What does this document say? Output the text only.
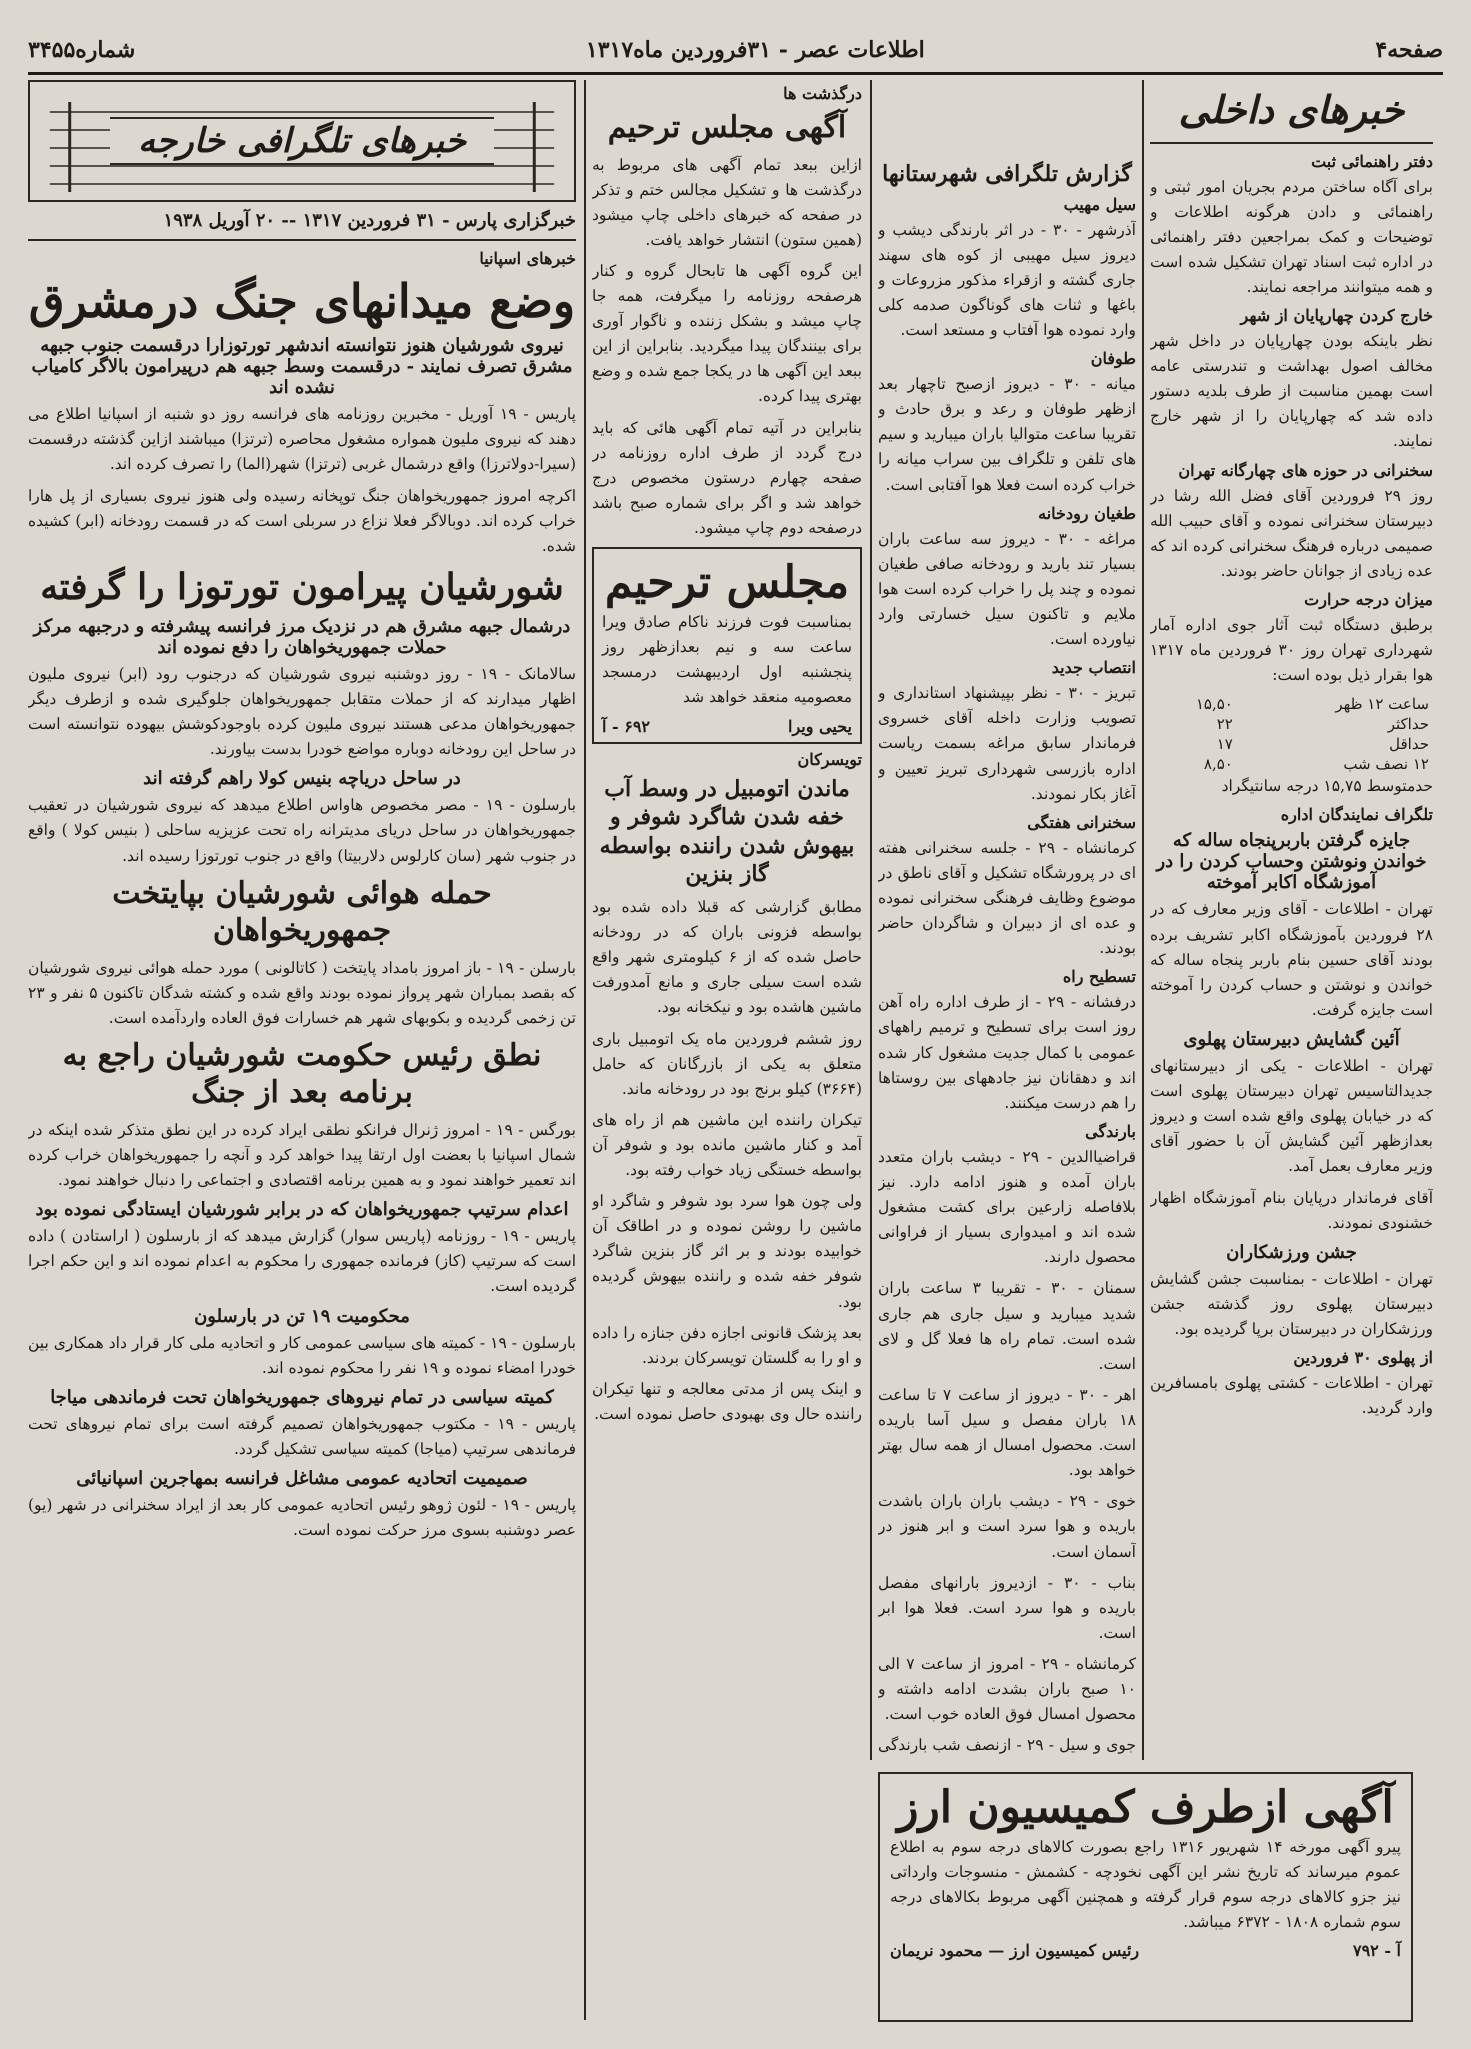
صفحه۴
اطلاعات عصر - ۳۱فروردین ماه۱۳۱۷
شماره۳۴۵۵
خبرهای داخلی
دفتر راهنمائی ثبت

برای آگاه ساختن مردم بجریان امور ثبتی و راهنمائی و دادن هرگونه اطلاعات و توضیحات و کمک بمراجعین دفتر راهنمائی در اداره ثبت اسناد تهران تشکیل شده است و همه میتوانند مراجعه نمایند.

خارج کردن چهارپایان از شهر

نظر باینکه بودن چهارپایان در داخل شهر مخالف اصول بهداشت و تندرستی عامه است بهمین مناسبت از طرف بلدیه دستور داده شد که چهارپایان را از شهر خارج نمایند.

سخنرانی در حوزه های چهارگانه تهران

روز ۲۹ فروردین آقای فضل الله رشا در دبیرستان سخنرانی نموده و آقای حبیب الله صمیمی درباره فرهنگ سخنرانی کرده اند که عده زیادی از جوانان حاضر بودند.

میزان درجه حرارت

برطبق دستگاه ثبت آثار جوی اداره آمار شهرداری تهران روز ۳۰ فروردین ماه ۱۳۱۷ هوا بقرار ذیل بوده است:

ساعت ۱۲ ظهر	۱۵,۵۰
حداکثر	۲۲
حداقل	۱۷
۱۲ نصف شب	۸,۵۰

حدمتوسط ۱۵,۷۵ درجه سانتیگراد

تلگراف نمایندگان اداره
جایزه گرفتن باربرپنجاه ساله که خواندن ونوشتن وحساب کردن را در آموزشگاه اکابر آموخته

تهران - اطلاعات - آقای وزیر معارف که در ۲۸ فروردین بآموزشگاه اکابر تشریف برده بودند آقای حسین بنام باربر پنجاه ساله که خواندن و نوشتن و حساب کردن را آموخته است جایزه گرفت.

آئین گشایش دبیرستان پهلوی

تهران - اطلاعات - یکی از دبیرستانهای جدیدالتاسیس تهران دبیرستان پهلوی است که در خیابان پهلوی واقع شده است و دیروز بعدازظهر آئین گشایش آن با حضور آقای وزیر معارف بعمل آمد.

آقای فرماندار درپایان بنام آموزشگاه اظهار خشنودی نمودند.

جشن ورزشکاران

تهران - اطلاعات - بمناسبت جشن گشایش دبیرستان پهلوی روز گذشته جشن ورزشکاران در دبیرستان برپا گردیده بود.

از پهلوی ۳۰ فروردین

تهران - اطلاعات - کشتی پهلوی بامسافرین وارد گردید.

گزارش تلگرافی شهرستانها
سیل مهیب

آذرشهر - ۳۰ - در اثر بارندگی دیشب و دیروز سیل مهیبی از کوه های سهند جاری گشته و ازقراء مذکور مزروعات و باغها و ثنات های گوناگون صدمه کلی وارد نموده هوا آفتاب و مستعد است.

طوفان

میانه - ۳۰ - دیروز ازصبح تاچهار بعد ازظهر طوفان و رعد و برق حادث و تقریبا ساعت متوالیا باران میبارید و سیم های تلفن و تلگراف بین سراب میانه را خراب کرده است فعلا هوا آفتابی است.

طغیان رودخانه

مراغه - ۳۰ - دیروز سه ساعت باران بسیار تند بارید و رودخانه صافی طغیان نموده و چند پل را خراب کرده است هوا ملایم و تاکنون سیل خسارتی وارد نیاورده است.

انتصاب جدید

تبریز - ۳۰ - نظر بپیشنهاد استانداری و تصویب وزارت داخله آقای خسروی فرماندار سابق مراغه بسمت ریاست اداره بازرسی شهرداری تبریز تعیین و آغاز بکار نمودند.

سخنرانی هفتگی

کرمانشاه - ۲۹ - جلسه سخنرانی هفته ای در پرورشگاه تشکیل و آقای ناطق در موضوع وظایف فرهنگی سخنرانی نموده و عده ای از دبیران و شاگردان حاضر بودند.

تسطیح راه

درفشانه - ۲۹ - از طرف اداره راه آهن روز است برای تسطیح و ترمیم راههای عمومی با کمال جدیت مشغول کار شده اند و دهقانان نیز جادههای بین روستاها را هم درست میکنند.

بارندگی

قراضیاالدین - ۲۹ - دیشب باران متعدد باران آمده و هنوز ادامه دارد. نیز بلافاصله زارعین برای کشت مشغول شده اند و امیدواری بسیار از فراوانی محصول دارند.

سمنان - ۳۰ - تقریبا ۳ ساعت باران شدید میبارید و سیل جاری هم جاری شده است. تمام راه ها فعلا گل و لای است.

اهر - ۳۰ - دیروز از ساعت ۷ تا ساعت ۱۸ باران مفصل و سیل آسا باریده است. محصول امسال از همه سال بهتر خواهد بود.

خوی - ۲۹ - دیشب باران باران باشدت باریده و هوا سرد است و ابر هنوز در آسمان است.

بناب - ۳۰ - ازدیروز بارانهای مفصل باریده و هوا سرد است. فعلا هوا ابر است.

کرمانشاه - ۲۹ - امروز از ساعت ۷ الی ۱۰ صبح باران بشدت ادامه داشته و محصول امسال فوق العاده خوب است.

جوی و سیل - ۲۹ - ازنصف شب بارندگی

درگذشت ها
آگهی مجلس ترحیم

ازاین ببعد تمام آگهی های مربوط به درگذشت ها و تشکیل مجالس ختم و تذکر در صفحه که خبرهای داخلی چاپ میشود (همین ستون) انتشار خواهد یافت.

این گروه آگهی ها تابحال گروه و کنار هرصفحه روزنامه را میگرفت، همه جا چاپ میشد و بشکل زننده و ناگوار آوری برای بینندگان پیدا میگردید. بنابراین از این ببعد این آگهی ها در یکجا جمع شده و وضع بهتری پیدا کرده.

بنابراین در آتیه تمام آگهی هائی که باید درج گردد از طرف اداره روزنامه در صفحه چهارم درستون مخصوص درج خواهد شد و اگر برای شماره صبح باشد درصفحه دوم چاپ میشود.

مجلس ترحیم

بمناسبت فوت فرزند ناکام صادق ویرا ساعت سه و نیم بعدازظهر روز پنجشنبه اول اردیبهشت درمسجد معصومیه منعقد خواهد شد

یحیی ویرا
۶۹۲ - آ
تویسرکان
ماندن اتومبیل در وسط آب خفه شدن شاگرد شوفر و بیهوش شدن راننده بواسطه گاز بنزین

مطابق گزارشی که قبلا داده شده بود بواسطه فزونی باران که در رودخانه حاصل شده که از ۶ کیلومتری شهر واقع شده است سیلی جاری و مانع آمدورفت ماشین هاشده بود و نیکخانه بود.

روز ششم فروردین ماه یک اتومبیل باری متعلق به یکی از بازرگانان که حامل (۳۶۶۴) کیلو برنج بود در رودخانه ماند.

تیکران راننده این ماشین هم از راه های آمد و کنار ماشین مانده بود و شوفر آن بواسطه خستگی زیاد خواب رفته بود.

ولی چون هوا سرد بود شوفر و شاگرد او ماشین را روشن نموده و در اطاقک آن خوابیده بودند و بر اثر گاز بنزین شاگرد شوفر خفه شده و راننده بیهوش گردیده بود.

بعد پزشک قانونی اجازه دفن جنازه را داده و او را به گلستان تویسرکان بردند.

و اینک پس از مدتی معالجه و تنها تیکران راننده حال وی بهبودی حاصل نموده است.

خبرهای تلگرافی خارجه
خبرگزاری پارس - ۳۱ فروردین ۱۳۱۷ -- ۲۰ آوریل ۱۹۳۸
خبرهای اسپانیا
وضع میدانهای جنگ درمشرق
نیروی شورشیان هنوز نتوانسته اندشهر تورتوزارا درقسمت جنوب جبهه مشرق تصرف نمایند - درقسمت وسط جبهه هم درپیرامون بالاگر کامیاب نشده اند

پاریس - ۱۹ آوریل - مخبرین روزنامه های فرانسه روز دو شنبه از اسپانیا اطلاع می دهند که نیروی ملیون همواره مشغول محاصره (ترتزا) میباشند ازاین گذشته درقسمت (سیرا-دولاترزا) واقع درشمال غربی (ترتزا) شهر(الما) را تصرف کرده اند.

اکرچه امروز جمهوریخواهان جنگ توپخانه رسیده ولی هنوز نیروی بسیاری از پل هارا خراب کرده اند. دوبالاگر فعلا نزاع در سربلی است که در قسمت رودخانه (ابر) کشیده شده.

شورشیان پیرامون تورتوزا را گرفته
درشمال جبهه مشرق هم در نزدیک مرز فرانسه پیشرفته و درجبهه مرکز حملات جمهوریخواهان را دفع نموده اند

سالامانک - ۱۹ - روز دوشنبه نیروی شورشیان که درجنوب رود (ابر) نیروی ملیون اظهار میدارند که از حملات متقابل جمهوریخواهان جلوگیری شده و ازطرف دیگر جمهوریخواهان مدعی هستند نیروی ملیون کرده باوجودکوشش بیهوده نتوانسته است در ساحل این رودخانه دوباره مواضع خودرا بدست بیاورند.

در ساحل دریاچه بنیس کولا راهم گرفته اند

بارسلون - ۱۹ - مصر مخصوص هاواس اطلاع میدهد که نیروی شورشیان در تعقیب جمهوریخواهان در ساحل دریای مدیترانه راه تحت عزیزیه ساحلی ( بنیس کولا ) واقع در جنوب شهر (سان کارلوس دلاربیتا) واقع در جنوب تورتوزا رسیده اند.

حمله هوائی شورشیان بپایتخت جمهوریخواهان

بارسلن - ۱۹ - باز امروز بامداد پایتخت ( کاتالونی ) مورد حمله هوائی نیروی شورشیان که بقصد بمباران شهر پرواز نموده بودند واقع شده و کشته شدگان تاکنون ۵ نفر و ۲۳ تن زخمی گردیده و بکوبهای شهر هم خسارات فوق العاده واردآمده است.

نطق رئیس حکومت شورشیان راجع به برنامه بعد از جنگ

بورگس - ۱۹ - امروز ژنرال فرانکو نطقی ایراد کرده در این نطق متذکر شده اینکه در شمال اسپانیا با بعضت اول ارتقا پیدا خواهد کرد و آنچه را جمهوریخواهان خراب کرده اند تعمیر خواهند نمود و به همین برنامه اقتصادی و اجتماعی را دنبال خواهند نمود.

اعدام سرتیپ جمهوریخواهان که در برابر شورشیان ایستادگی نموده بود

پاریس - ۱۹ - روزنامه (پاریس سوار) گزارش میدهد که از بارسلون ( اراستادن ) داده است که سرتیپ (کاز) فرمانده جمهوری را محکوم به اعدام نموده اند و این حکم اجرا گردیده است.

محکومیت ۱۹ تن در بارسلون

بارسلون - ۱۹ - کمیته های سیاسی عمومی کار و اتحادیه ملی کار قرار داد همکاری بین خودرا امضاء نموده و ۱۹ نفر را محکوم نموده اند.

کمیته سیاسی در تمام نیروهای جمهوریخواهان تحت فرماندهی میاجا

پاریس - ۱۹ - مکتوب جمهوریخواهان تصمیم گرفته است برای تمام نیروهای تحت فرماندهی سرتیپ (میاجا) کمیته سیاسی تشکیل گردد.

صمیمیت اتحادیه عمومی مشاغل فرانسه بمهاجرین اسپانیائی

پاریس - ۱۹ - لئون ژوهو رئیس اتحادیه عمومی کار بعد از ایراد سخنرانی در شهر (یو) عصر دوشنبه بسوی مرز حرکت نموده است.

آگهی ازطرف کمیسیون ارز

پیرو آگهی مورخه ۱۴ شهریور ۱۳۱۶ راجع بصورت کالاهای درجه سوم به اطلاع عموم میرساند که تاریخ نشر این آگهی نخودچه - کشمش - منسوجات وارداتی نیز جزو کالاهای درجه سوم قرار گرفته و همچنین آگهی مربوط بکالاهای درجه سوم شماره ۱۸۰۸ - ۶۳۷۲ میباشد.

آ - ۷۹۲
رئیس کمیسیون ارز — محمود نریمان
